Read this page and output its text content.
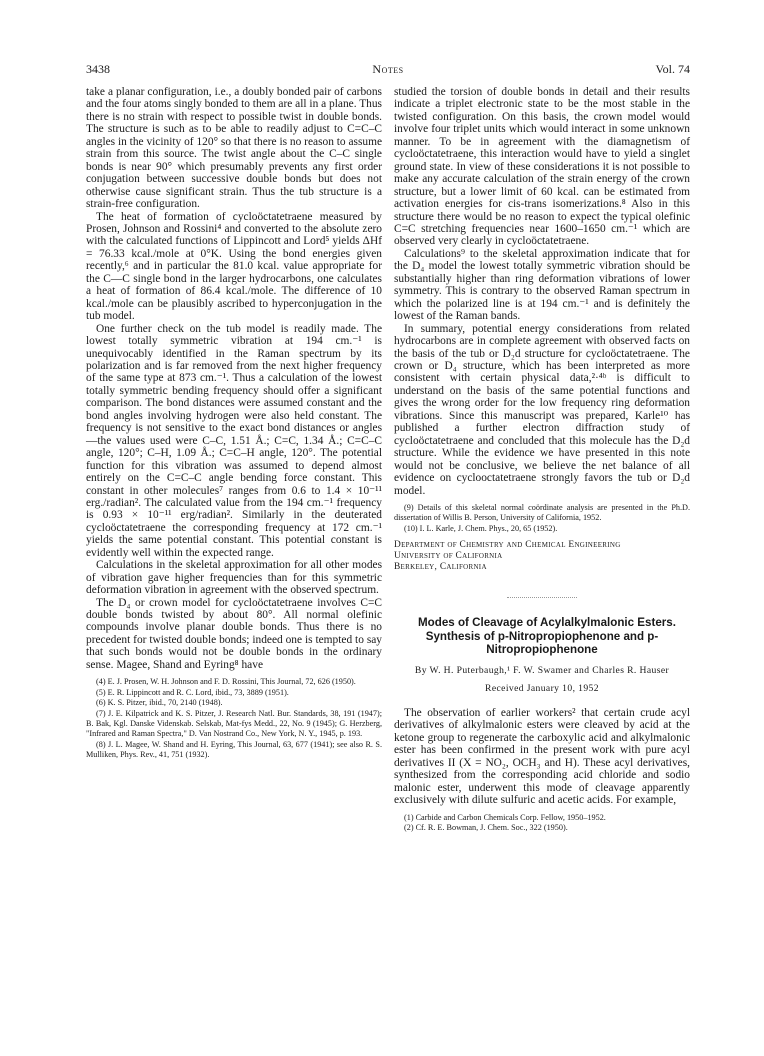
3438	Notes	Vol. 74

take a planar configuration, i.e., a doubly bonded pair of carbons and the four atoms singly bonded to them are all in a plane. Thus there is no strain with respect to possible twist in double bonds. The structure is such as to be able to readily adjust to C=C–C angles in the vicinity of 120° so that there is no reason to assume strain from this source. The twist angle about the C–C single bonds is near 90° which presumably prevents any first order conjugation between successive double bonds but does not otherwise cause significant strain. Thus the tub structure is a strain-free configuration.

The heat of formation of cycloöctatetraene measured by Prosen, Johnson and Rossini⁴ and converted to the absolute zero with the calculated functions of Lippincott and Lord⁵ yields ΔHf = 76.33 kcal./mole at 0°K. Using the bond energies given recently,⁶ and in particular the 81.0 kcal. value appropriate for the C—C single bond in the larger hydrocarbons, one calculates a heat of formation of 86.4 kcal./mole. The difference of 10 kcal./mole can be plausibly ascribed to hyperconjugation in the tub model.

One further check on the tub model is readily made. The lowest totally symmetric vibration at 194 cm.⁻¹ is unequivocably identified in the Raman spectrum by its polarization and is far removed from the next higher frequency of the same type at 873 cm.⁻¹. Thus a calculation of the lowest totally symmetric bending frequency should offer a significant comparison. The bond distances were assumed constant and the bond angles involving hydrogen were also held constant. The frequency is not sensitive to the exact bond distances or angles—the values used were C–C, 1.51 Å.; C=C, 1.34 Å.; C=C–C angle, 120°; C–H, 1.09 Å.; C=C–H angle, 120°. The potential function for this vibration was assumed to depend almost entirely on the C=C–C angle bending force constant. This constant in other molecules⁷ ranges from 0.6 to 1.4 × 10⁻¹¹ erg./radian². The calculated value from the 194 cm.⁻¹ frequency is 0.93 × 10⁻¹¹ erg/radian². Similarly in the deuterated cycloöctatetraene the corresponding frequency at 172 cm.⁻¹ yields the same potential constant. This potential constant is evidently well within the expected range.

Calculations in the skeletal approximation for all other modes of vibration gave higher frequencies than for this symmetric deformation vibration in agreement with the observed spectrum.

The D₄ or crown model for cycloöctatetraene involves C=C double bonds twisted by about 80°. All normal olefinic compounds involve planar double bonds. Thus there is no precedent for twisted double bonds; indeed one is tempted to say that such bonds would not be double bonds in the ordinary sense. Magee, Shand and Eyring⁸ have

(4) E. J. Prosen, W. H. Johnson and F. D. Rossini, This Journal, 72, 626 (1950).

(5) E. R. Lippincott and R. C. Lord, ibid., 73, 3889 (1951).

(6) K. S. Pitzer, ibid., 70, 2140 (1948).

(7) J. E. Kilpatrick and K. S. Pitzer, J. Research Natl. Bur. Standards, 38, 191 (1947); B. Bak, Kgl. Danske Videnskab. Selskab, Mat-fys Medd., 22, No. 9 (1945); G. Herzberg, "Infrared and Raman Spectra," D. Van Nostrand Co., New York, N. Y., 1945, p. 193.

(8) J. L. Magee, W. Shand and H. Eyring, This Journal, 63, 677 (1941); see also R. S. Mulliken, Phys. Rev., 41, 751 (1932).

studied the torsion of double bonds in detail and their results indicate a triplet electronic state to be the most stable in the twisted configuration. On this basis, the crown model would involve four triplet units which would interact in some unknown manner. To be in agreement with the diamagnetism of cycloöctatetraene, this interaction would have to yield a singlet ground state. In view of these considerations it is not possible to make any accurate calculation of the strain energy of the crown structure, but a lower limit of 60 kcal. can be estimated from activation energies for cis-trans isomerizations.⁸ Also in this structure there would be no reason to expect the typical olefinic C=C stretching frequencies near 1600–1650 cm.⁻¹ which are observed very clearly in cycloöctatetraene.

Calculations⁹ to the skeletal approximation indicate that for the D₄ model the lowest totally symmetric vibration should be substantially higher than ring deformation vibrations of lower symmetry. This is contrary to the observed Raman spectrum in which the polarized line is at 194 cm.⁻¹ and is definitely the lowest of the Raman bands.

In summary, potential energy considerations from related hydrocarbons are in complete agreement with observed facts on the basis of the tub or D₂d structure for cycloöctatetraene. The crown or D₄ structure, which has been interpreted as more consistent with certain physical data,²·⁴ᵇ is difficult to understand on the basis of the same potential functions and gives the wrong order for the low frequency ring deformation vibrations. Since this manuscript was prepared, Karle¹⁰ has published a further electron diffraction study of cycloöctatetraene and concluded that this molecule has the D₂d structure. While the evidence we have presented in this note would not be conclusive, we believe the net balance of all evidence on cyclooctatetraene strongly favors the tub or D₂d model.

(9) Details of this skeletal normal coördinate analysis are presented in the Ph.D. dissertation of Willis B. Person, University of California, 1952.

(10) I. L. Karle, J. Chem. Phys., 20, 65 (1952).

Department of Chemistry and Chemical Engineering
University of California
Berkeley, California

Modes of Cleavage of Acylalkylmalonic Esters. Synthesis of p-Nitropropiophenone and p-Nitropropiophenone

By W. H. Puterbaugh,¹ F. W. Swamer and Charles R. Hauser
Received January 10, 1952

The observation of earlier workers² that certain crude acyl derivatives of alkylmalonic esters were cleaved by acid at the ketone group to regenerate the carboxylic acid and alkylmalonic ester has been confirmed in the present work with pure acyl derivatives II (X = NO₂, OCH₃ and H). These acyl derivatives, synthesized from the corresponding acid chloride and sodio malonic ester, underwent this mode of cleavage apparently exclusively with dilute sulfuric and acetic acids. For example,

(1) Carbide and Carbon Chemicals Corp. Fellow, 1950–1952.

(2) Cf. R. E. Bowman, J. Chem. Soc., 322 (1950).
